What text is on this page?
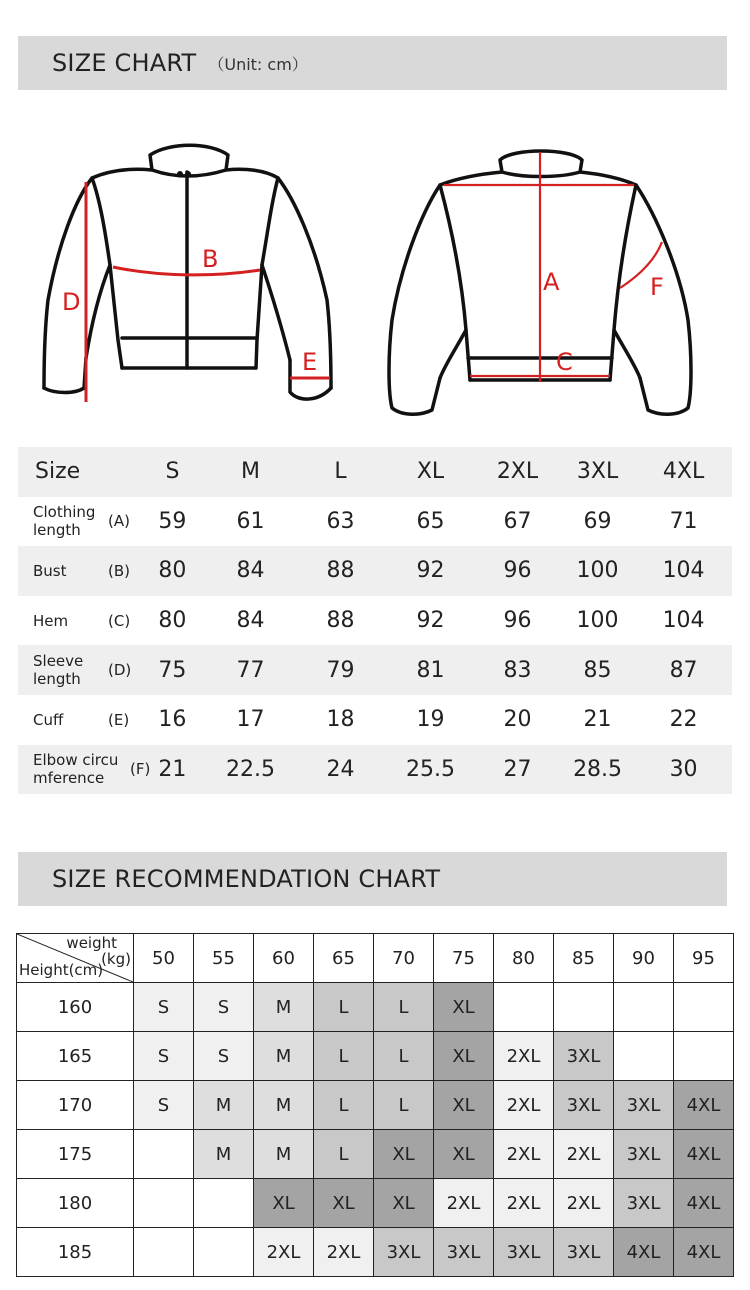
SIZE CHART （Unit: cm）
D
B
E
A
C
F
Size	S	M	L	XL	2XL	3XL	4XL
Clothing
length	(A)	59	61	63	65	67	69	71
Bust	(B)	80	84	88	92	96	100	104
Hem	(C)	80	84	88	92	96	100	104
Sleeve
length (D)	75	77	79	81	83	85	87
Cuff	(E)	16	17	18	19	20	21	22
Elbow circu
mference	(F) 21	22.5	24	25.5	27	28.5	30
SIZE RECOMMENDATION CHART
weight
(kg)
Height(cm)	50	55	60	65	70	75	80	85	90	95
160	S	S	M	L	L	XL				
165	S	S	M	L	L	XL	2XL	3XL		
170	S	M	M	L	L	XL	2XL	3XL	3XL	4XL
175		M	M	L	XL	XL	2XL	2XL	3XL	4XL
180			XL	XL	XL	2XL	2XL	2XL	3XL	4XL
185			2XL	2XL	3XL	3XL	3XL	3XL	4XL	4XL
